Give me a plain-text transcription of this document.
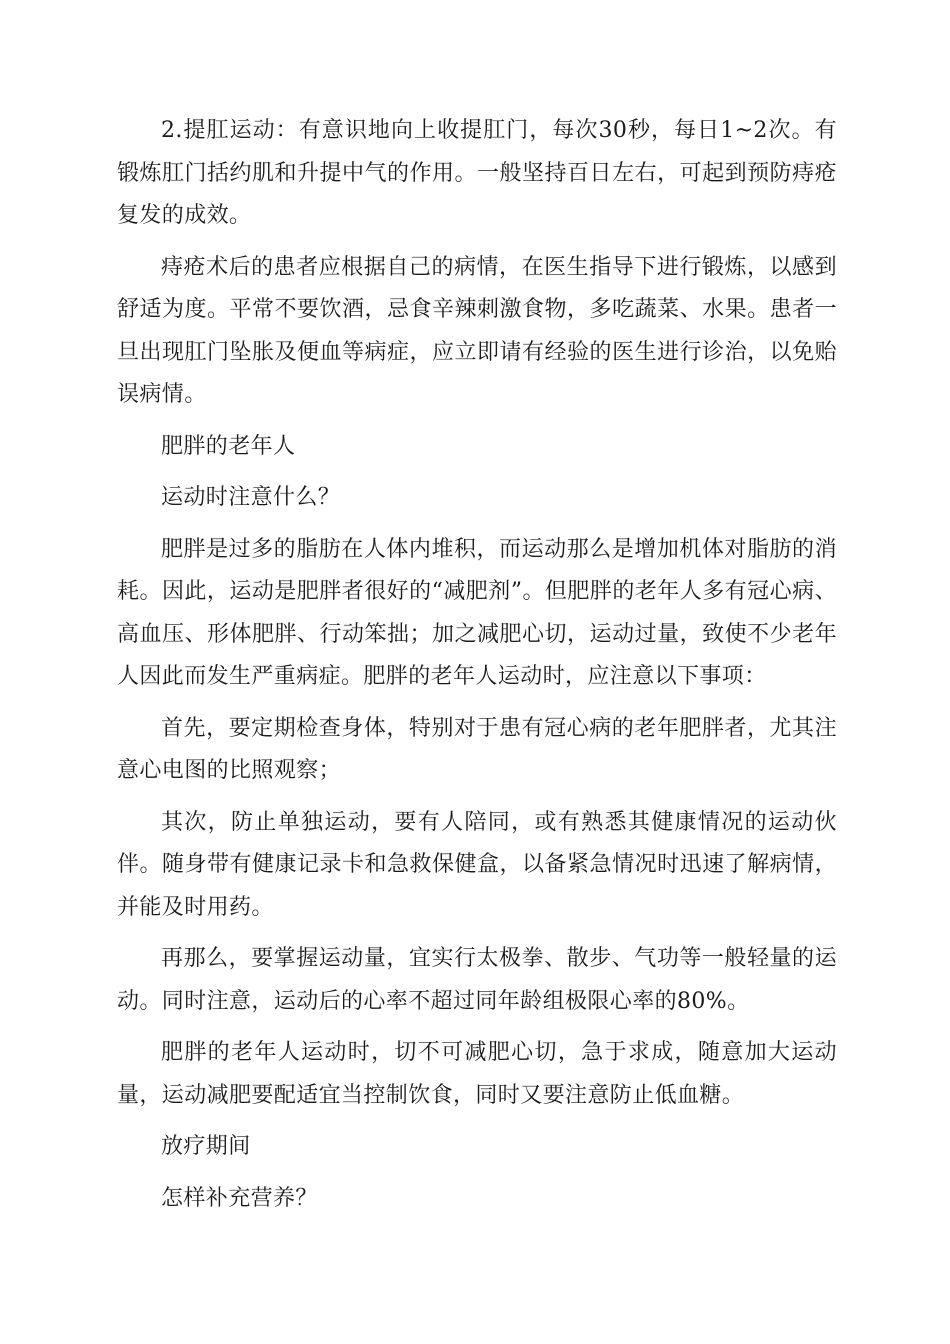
2.提肛运动：有意识地向上收提肛门，每次30秒，每日1~2次。有锻炼肛门括约肌和升提中气的作用。一般坚持百日左右，可起到预防痔疮复发的成效。

痔疮术后的患者应根据自己的病情，在医生指导下进行锻炼，以感到舒适为度。平常不要饮酒，忌食辛辣刺激食物，多吃蔬菜、水果。患者一旦出现肛门坠胀及便血等病症，应立即请有经验的医生进行诊治，以免贻误病情。

肥胖的老年人

运动时注意什么？

肥胖是过多的脂肪在人体内堆积，而运动那么是增加机体对脂肪的消耗。因此，运动是肥胖者很好的“减肥剂”。但肥胖的老年人多有冠心病、高血压、形体肥胖、行动笨拙；加之减肥心切，运动过量，致使不少老年人因此而发生严重病症。肥胖的老年人运动时，应注意以下事项：

首先，要定期检查身体，特别对于患有冠心病的老年肥胖者，尤其注意心电图的比照观察；

其次，防止单独运动，要有人陪同，或有熟悉其健康情况的运动伙伴。随身带有健康记录卡和急救保健盒，以备紧急情况时迅速了解病情，并能及时用药。

再那么，要掌握运动量，宜实行太极拳、散步、气功等一般轻量的运动。同时注意，运动后的心率不超过同年龄组极限心率的80%。

肥胖的老年人运动时，切不可减肥心切，急于求成，随意加大运动量，运动减肥要配适宜当控制饮食，同时又要注意防止低血糖。

放疗期间

怎样补充营养？
